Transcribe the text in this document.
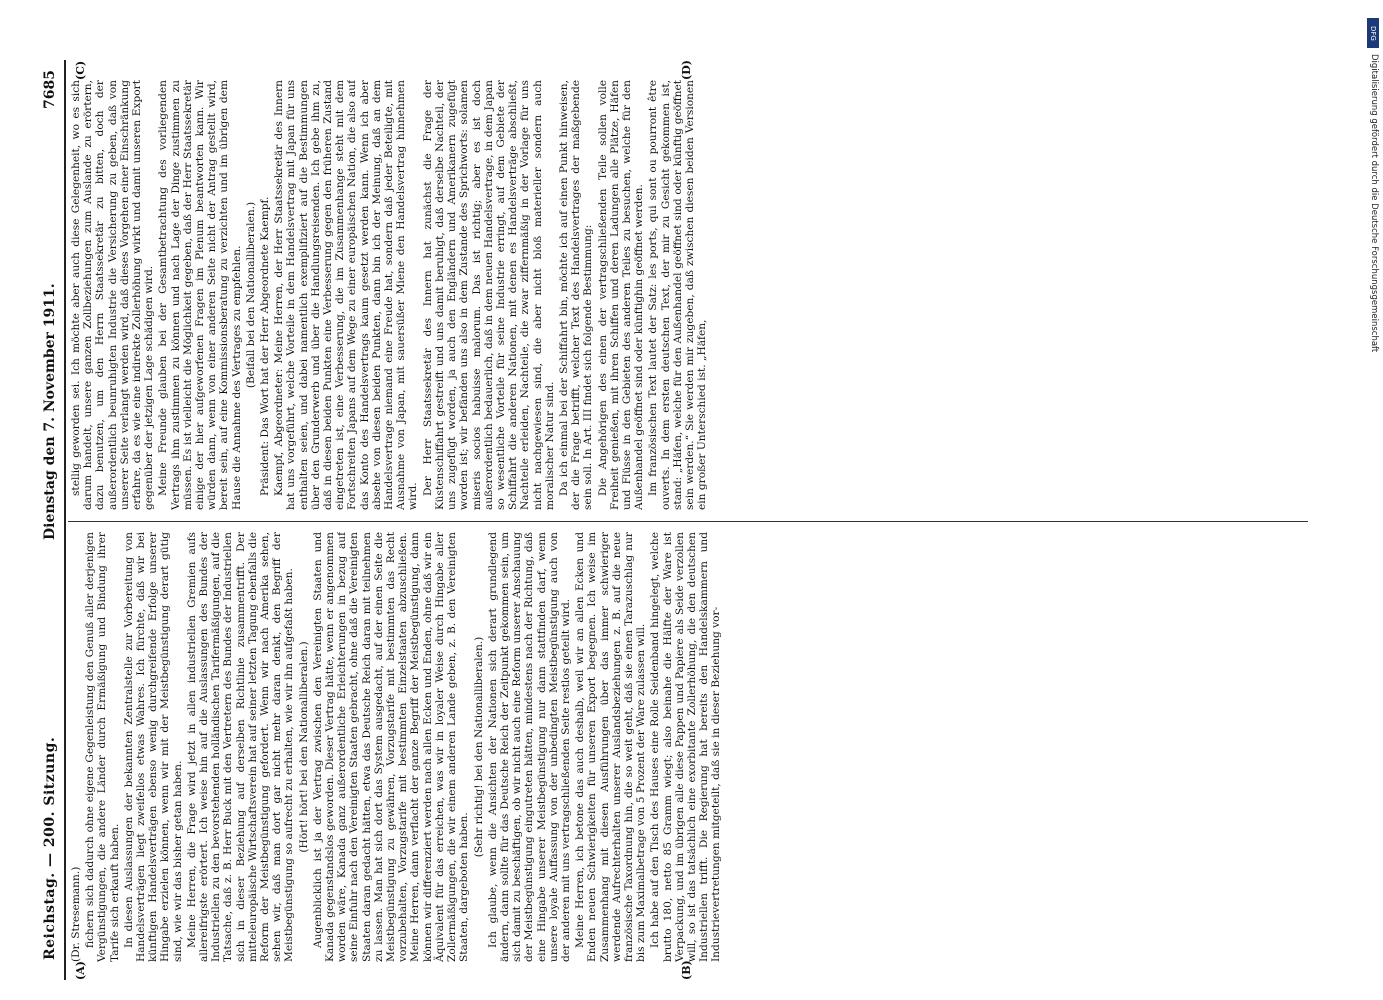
Reichstag. — 200. Sitzung.
Dienstag den 7. November 1911.
7685
(A)	(B)
(C)	(D)

(Dr. Stresemann.) fichern sich dadurch ohne eigene Gegenleistung den Genuß aller derjenigen Vergünstigungen, die andere Länder durch Ermäßigung und Bindung ihrer Tarife sich erkauft haben. In diesen Auslassungen der bekannten Zentralstelle zur Vorbereitung von Handelsverträgen liegt zweifellos etwas Wahres. Ich fürchte, daß wir bei künftigen Handelsverträgen ebenso wenig durchgreifende Erfolge unserer Hingabe erzielen können, wenn wir mit der Meistbegünstigung derart gütig sind, wie wir das bisher getan haben. Meine Herren, die Frage wird jetzt in allen industriellen Gremien aufs allereifrigste erörtert. Ich weise hin auf die Auslassungen des Bundes der Industriellen zu den bevorstehenden holländischen Tarifermäßigungen, auf die Tatsache, daß z. B. Herr Buck mit den Vertretern des Bundes der Industriellen sich in dieser Beziehung auf derselben Richtlinie zusammentrifft. Der mitteleuropäische Wirtschaftsverein hat auf seiner letzten Tagung ebenfalls die Reform der Meistbegünstigung gefordert. Wenn wir nach Amerika sehen, sehen wir, daß man dort gar nicht mehr daran denkt, den Begriff der Meistbegünstigung so aufrecht zu erhalten, wie wir ihn aufgefaßt haben. (Hört! hört! bei den Nationalliberalen.) Augenblicklich ist ja der Vertrag zwischen den Vereinigten Staaten und Kanada gegenstandslos geworden. Dieser Vertrag hätte, wenn er angenommen worden wäre, Kanada ganz außerordentliche Erleichterungen in bezug auf seine Einfuhr nach den Vereinigten Staaten gebracht, ohne daß die Vereinigten Staaten daran gedacht hätten, etwa das Deutsche Reich daran mit teilnehmen zu lassen. Man hat sich dort das System ausgedacht, auf der einen Seite die Meistbegünstigung zu gewähren, Vorzugstarife mit bestimmten das Recht vorzubehalten, Vorzugstarife mit bestimmten Einzelstaaten abzuschließen. Meine Herren, dann verflacht der ganze Begriff der Meistbegünstigung, dann können wir differenziert werden nach allen Ecken und Enden, ohne daß wir ein Äquivalent für das erreichen, was wir in loyaler Weise durch Hingabe aller Zollermäßigungen, die wir einem anderen Lande geben, z. B. den Vereinigten Staaten, dargeboten haben.

(Sehr richtig! bei den Nationalliberalen.) Ich glaube, wenn die Ansichten der Nationen sich derart grundlegend ändern, dann sollte für das Deutsche Reich der Zeitpunkt gekommen sein, um sich damit zu beschäftigen, ob wir nicht auch eine Reform unserer Anschauung der Meistbegünstigung eingutreten hätten, mindestens nach der Richtung, daß eine Hingabe unserer Meistbegünstigung nur dann stattfinden darf, wenn unsere loyale Auffassung von der unbedingten Meistbegünstigung auch von der anderen mit uns vertragschließenden Seite restlos geteilt wird. Meine Herren, ich betone das auch deshalb, weil wir an allen Ecken und Enden neuen Schwierigkeiten für unseren Export begegnen. Ich weise im Zusammenhang mit diesen Ausführungen über das immer schwieriger werdende Aufrechterhalten unserer Auslandsbeziehungen z. B. auf die neue französische Taxordnung hin, die so weit geht, daß sie einen Tarazuschlag nur bis zum Maximalbetrage von 5 Prozent der Ware zulassen will. Ich habe auf den Tisch des Hauses eine Rolle Seidenband hingelegt, welche brutto 180, netto 85 Gramm wiegt; also beinahe die Hälfte der Ware ist Verpackung, und im übrigen alle diese Pappen und Papiere als Seide verzollen will, so ist das tatsächlich eine exorbitante Zollerhöhung, die den deutschen Industriellen trifft. Die Regierung hat bereits den Handelskammern und Industrievertretungen mitgeteilt, daß sie in dieser Beziehung vor-

stellig geworden sei. Ich möchte aber auch diese Gelegenheit, wo es sich darum handelt, unsere ganzen Zollbeziehungen zum Auslande zu erörtern, dazu benutzen, um den Herrn Staatssekretär zu bitten, doch der außerordentlich beunruhigten Industrie die Versicherung zu geben, daß von unserer Seite verlangt werden wird, daß dieses Vorgehen einer Einschränkung erfahre, da es wie eine indirekte Zollerhöhung wirkt und damit unseren Export gegenüber der jetzigen Lage schädigen wird. Meine Freunde glauben bei der Gesamtbetrachtung des vorliegenden Vertrags ihm zustimmen zu können und nach Lage der Dinge zustimmen zu müssen. Es ist vielleicht die Möglichkeit gegeben, daß der Herr Staatssekretär einige der hier aufgeworfenen Fragen im Plenum beantworten kann. Wir würden dann, wenn von einer anderen Seite nicht der Antrag gestellt wird, bereit sein, auf eine Kommissionsberatung zu verzichten und im übrigen dem Hause die Annahme des Vertrages zu empfehlen. (Beifall bei den Nationalliberalen.) Präsident: Das Wort hat der Herr Abgeordnete Kaempf. Kaempf, Abgeordneter: Meine Herren, der Herr Staatssekretär des Innern hat uns vorgeführt, welche Vorteile in dem Handelsvertrag mit Japan für uns enthalten seien, und dabei namentlich exemplifiziert auf die Bestimmungen über den Grunderwerb und über die Handlungsreisenden. Ich gebe ihm zu, daß in diesen beiden Punkten eine Verbesserung gegen den früheren Zustand eingetreten ist, eine Verbesserung, die im Zusammenhange steht mit dem Fortschreiten Japans auf dem Wege zu einer europäischen Nation, die also auf das Konto des Handelsvertrags kaum gesetzt werden kann. Wenn ich aber absehe von diesen beiden Punkten, dann bin ich der Meinung, daß an dem Handelsvertrage niemand eine Freude hat, sondern daß jeder Beteiligte, mit Ausnahme von Japan, mit sauersüßer Miene den Handelsvertrag hinnehmen wird.

Der Herr Staatssekretär des Innern hat zunächst die Frage der Küstenschiffahrt gestreift und uns damit beruhigt, daß derselbe Nachteil, der uns zugefügt worden, ja auch den Engländern und Amerikanern zugefügt worden ist; wir befänden uns also in dem Zustande des Sprichworts: solamen miseris socios habuisse malorum. Das ist richtig; aber es ist doch außerordentlich bedauerlich, daß in dem neuen Handelsvertrage, in dem Japan so wesentliche Vorteile für seine Industrie erringt, auf dem Gebiete der Schiffahrt die anderen Nationen, mit denen es Handelsverträge abschließt, Nachteile erleiden, Nachteile, die zwar ziffernmäßig in der Vorlage für uns nicht nachgewiesen sind, die aber nicht bloß materieller sondern auch moralischer Natur sind. Da ich einmal bei der Schiffahrt bin, möchte ich auf einen Punkt hinweisen, der die Frage betrifft, welcher Text des Handelsvertrages der maßgebende sein soll. In Art. III findet sich folgende Bestimmung: Die Angehörigen des einen der vertragschließenden Teile sollen volle Freiheit genießen, mit ihren Schiffen und deren Ladungen alle Plätze, Häfen und Flüsse in den Gebieten des anderen Teiles zu besuchen, welche für den Außenhandel geöffnet sind oder künftighin geöffnet werden. Im französischen Text lautet der Satz: les ports, qui sont ou pourront être ouverts. In dem ersten deutschen Text, der mir zu Gesicht gekommen ist, stand: „Häfen, welche für den Außenhandel geöffnet sind oder künftig geöffnet sein werden.“ Sie werden mir zugeben, daß zwischen diesen beiden Versionen ein großer Unterschied ist. „Häfen,

DFG
Digitalisierung gefördert durch die Deutsche Forschungsgemeinschaft
